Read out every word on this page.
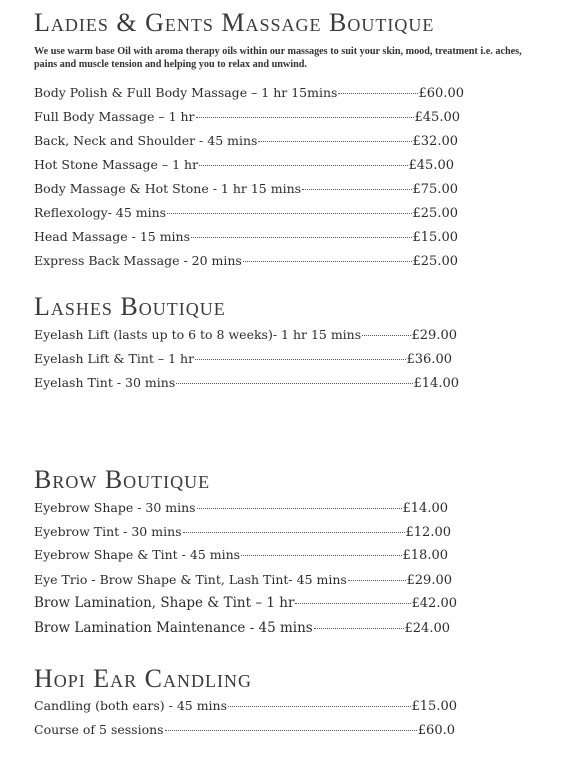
Ladies & Gents Massage Boutique

We use warm base Oil with aroma therapy oils within our massages to suit your skin, mood, treatment i.e. aches, pains and muscle tension and helping you to relax and unwind.

Body Polish & Full Body Massage – 1 hr 15mins	£60.00
Full Body Massage – 1 hr	£45.00
Back, Neck and Shoulder - 45 mins	£32.00
Hot Stone Massage – 1 hr	£45.00
Body Massage & Hot Stone - 1 hr 15 mins	£75.00
Reflexology- 45 mins	£25.00
Head Massage - 15 mins	£15.00
Express Back Massage - 20 mins	£25.00
Lashes Boutique
Eyelash Lift (lasts up to 6 to 8 weeks)- 1 hr 15 mins	£29.00
Eyelash Lift & Tint – 1 hr	£36.00
Eyelash Tint - 30 mins	£14.00
Brow Boutique
Eyebrow Shape - 30 mins	£14.00
Eyebrow Tint - 30 mins	£12.00
Eyebrow Shape & Tint - 45 mins	£18.00
Eye Trio - Brow Shape & Tint, Lash Tint- 45 mins	£29.00
Brow Lamination, Shape & Tint – 1 hr	£42.00
Brow Lamination Maintenance - 45 mins	£24.00
Hopi Ear Candling
Candling (both ears) - 45 mins	£15.00
Course of 5 sessions	£60.0
